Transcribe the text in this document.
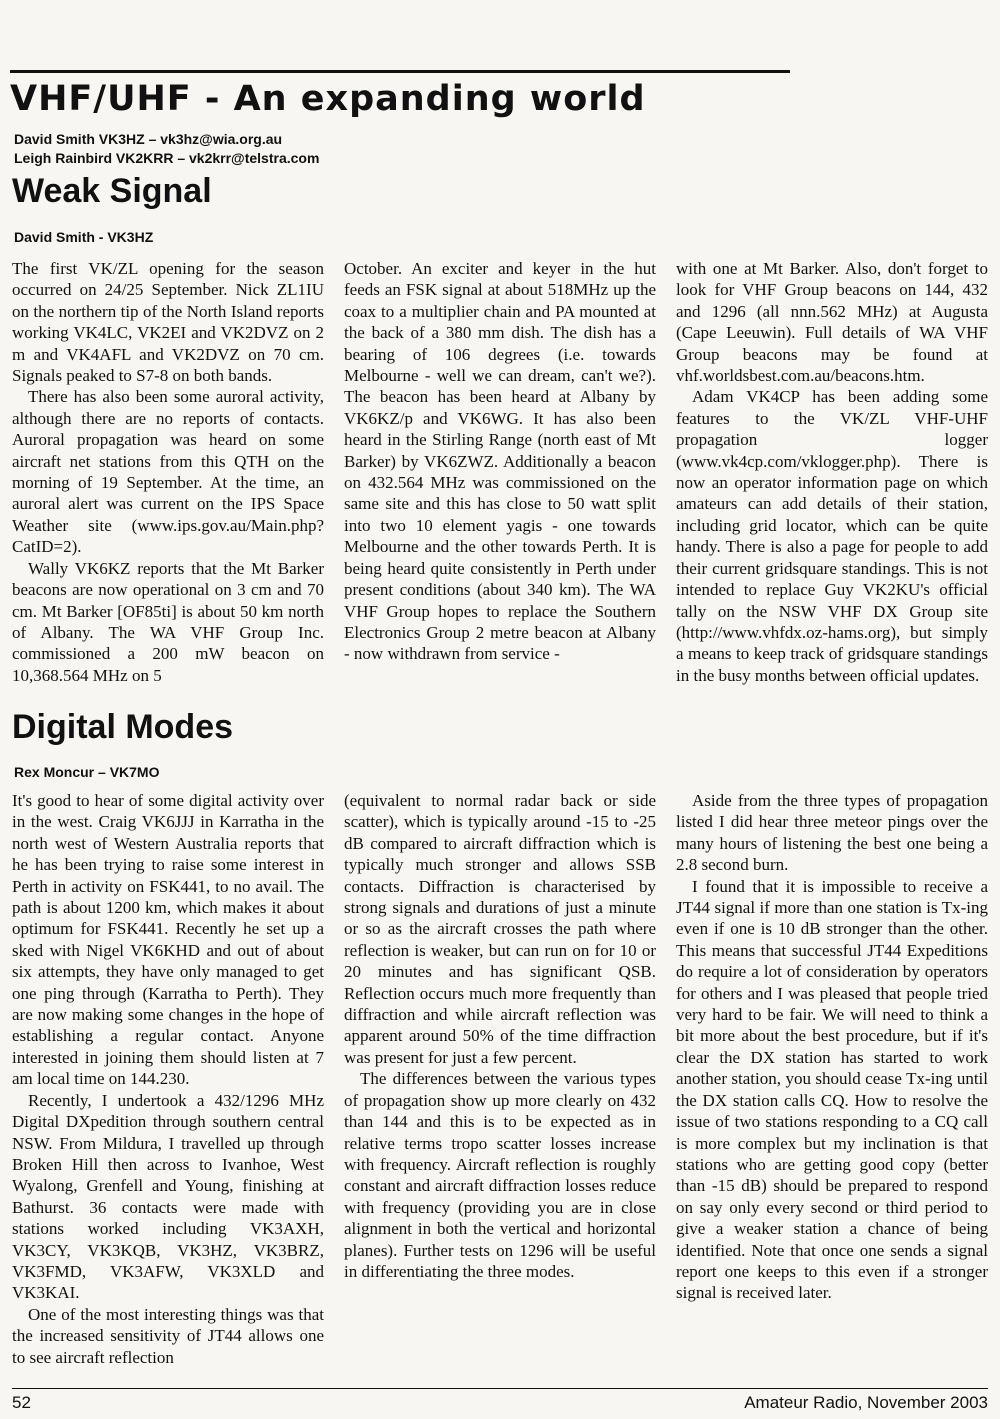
VHF/UHF - An expanding world
David Smith VK3HZ – vk3hz@wia.org.au
Leigh Rainbird VK2KRR – vk2krr@telstra.com
Weak Signal
David Smith - VK3HZ

The first VK/ZL opening for the season occurred on 24/25 September. Nick ZL1IU on the northern tip of the North Island reports working VK4LC, VK2EI and VK2DVZ on 2 m and VK4AFL and VK2DVZ on 70 cm. Signals peaked to S7-8 on both bands.

There has also been some auroral activity, although there are no reports of contacts. Auroral propagation was heard on some aircraft net stations from this QTH on the morning of 19 September. At the time, an auroral alert was current on the IPS Space Weather site (www.ips.gov.au/Main.php?CatID=2).

Wally VK6KZ reports that the Mt Barker beacons are now operational on 3 cm and 70 cm. Mt Barker [OF85ti] is about 50 km north of Albany. The WA VHF Group Inc. commissioned a 200 mW beacon on 10,368.564 MHz on 5

October. An exciter and keyer in the hut feeds an FSK signal at about 518MHz up the coax to a multiplier chain and PA mounted at the back of a 380 mm dish. The dish has a bearing of 106 degrees (i.e. towards Melbourne - well we can dream, can't we?). The beacon has been heard at Albany by VK6KZ/p and VK6WG. It has also been heard in the Stirling Range (north east of Mt Barker) by VK6ZWZ. Additionally a beacon on 432.564 MHz was commissioned on the same site and this has close to 50 watt split into two 10 element yagis - one towards Melbourne and the other towards Perth. It is being heard quite consistently in Perth under present conditions (about 340 km). The WA VHF Group hopes to replace the Southern Electronics Group 2 metre beacon at Albany - now withdrawn from service -

with one at Mt Barker. Also, don't forget to look for VHF Group beacons on 144, 432 and 1296 (all nnn.562 MHz) at Augusta (Cape Leeuwin). Full details of WA VHF Group beacons may be found at vhf.worldsbest.com.au/beacons.htm.

Adam VK4CP has been adding some features to the VK/ZL VHF-UHF propagation logger (www.vk4cp.com/vklogger.php). There is now an operator information page on which amateurs can add details of their station, including grid locator, which can be quite handy. There is also a page for people to add their current gridsquare standings. This is not intended to replace Guy VK2KU's official tally on the NSW VHF DX Group site (http://www.vhfdx.oz-hams.org), but simply a means to keep track of gridsquare standings in the busy months between official updates.

Digital Modes
Rex Moncur – VK7MO

It's good to hear of some digital activity over in the west. Craig VK6JJJ in Karratha in the north west of Western Australia reports that he has been trying to raise some interest in Perth in activity on FSK441, to no avail. The path is about 1200 km, which makes it about optimum for FSK441. Recently he set up a sked with Nigel VK6KHD and out of about six attempts, they have only managed to get one ping through (Karratha to Perth). They are now making some changes in the hope of establishing a regular contact. Anyone interested in joining them should listen at 7 am local time on 144.230.

Recently, I undertook a 432/1296 MHz Digital DXpedition through southern central NSW. From Mildura, I travelled up through Broken Hill then across to Ivanhoe, West Wyalong, Grenfell and Young, finishing at Bathurst. 36 contacts were made with stations worked including VK3AXH, VK3CY, VK3KQB, VK3HZ, VK3BRZ, VK3FMD, VK3AFW, VK3XLD and VK3KAI.

One of the most interesting things was that the increased sensitivity of JT44 allows one to see aircraft reflection

(equivalent to normal radar back or side scatter), which is typically around -15 to -25 dB compared to aircraft diffraction which is typically much stronger and allows SSB contacts. Diffraction is characterised by strong signals and durations of just a minute or so as the aircraft crosses the path where reflection is weaker, but can run on for 10 or 20 minutes and has significant QSB. Reflection occurs much more frequently than diffraction and while aircraft reflection was apparent around 50% of the time diffraction was present for just a few percent.

The differences between the various types of propagation show up more clearly on 432 than 144 and this is to be expected as in relative terms tropo scatter losses increase with frequency. Aircraft reflection is roughly constant and aircraft diffraction losses reduce with frequency (providing you are in close alignment in both the vertical and horizontal planes). Further tests on 1296 will be useful in differentiating the three modes.

Aside from the three types of propagation listed I did hear three meteor pings over the many hours of listening the best one being a 2.8 second burn.

I found that it is impossible to receive a JT44 signal if more than one station is Tx-ing even if one is 10 dB stronger than the other. This means that successful JT44 Expeditions do require a lot of consideration by operators for others and I was pleased that people tried very hard to be fair. We will need to think a bit more about the best procedure, but if it's clear the DX station has started to work another station, you should cease Tx-ing until the DX station calls CQ. How to resolve the issue of two stations responding to a CQ call is more complex but my inclination is that stations who are getting good copy (better than -15 dB) should be prepared to respond on say only every second or third period to give a weaker station a chance of being identified. Note that once one sends a signal report one keeps to this even if a stronger signal is received later.

52	Amateur Radio, November 2003
